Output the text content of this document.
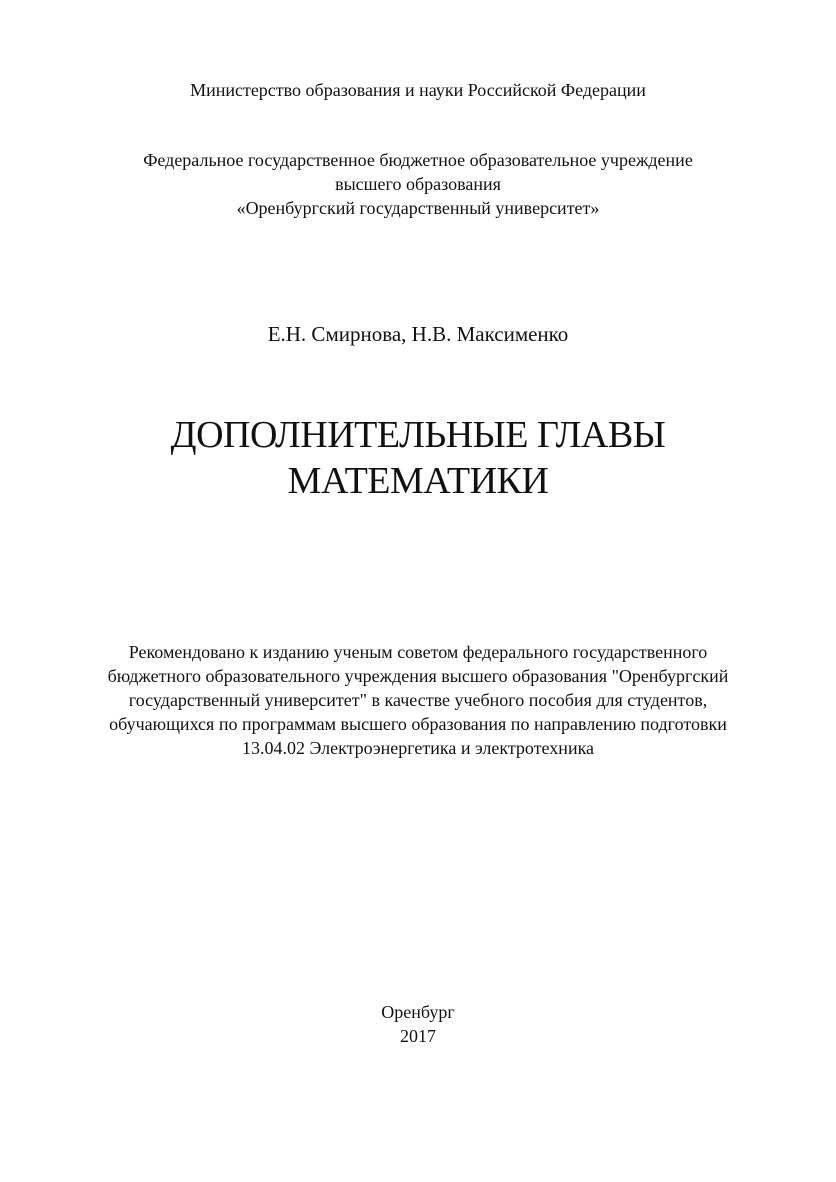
Министерство образования и науки Российской Федерации
Федеральное государственное бюджетное образовательное учреждение
высшего образования
«Оренбургский государственный университет»
Е.Н. Смирнова, Н.В. Максименко
ДОПОЛНИТЕЛЬНЫЕ ГЛАВЫ
МАТЕМАТИКИ
Рекомендовано к изданию ученым советом федерального государственного
бюджетного образовательного учреждения высшего образования "Оренбургский
государственный университет" в качестве учебного пособия для студентов,
обучающихся по программам высшего образования по направлению подготовки
13.04.02 Электроэнергетика и электротехника
Оренбург
2017
